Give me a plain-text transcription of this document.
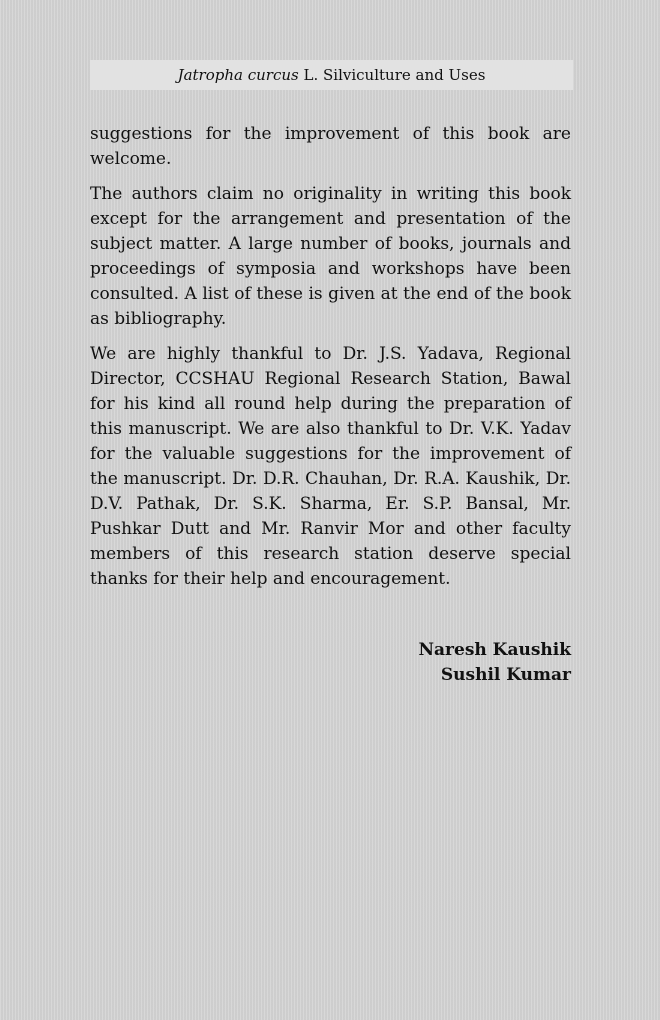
Jatropha curcus L. Silviculture and Uses

suggestions for the improvement of this book are welcome.

The authors claim no originality in writing this book except for the arrangement and presentation of the subject matter. A large number of books, journals and proceedings of symposia and workshops have been consulted. A list of these is given at the end of the book as bibliography.

We are highly thankful to Dr. J.S. Yadava, Regional Director, CCSHAU Regional Research Station, Bawal for his kind all round help during the preparation of this manuscript. We are also thankful to Dr. V.K. Yadav for the valuable suggestions for the improvement of the manuscript. Dr. D.R. Chauhan, Dr. R.A. Kaushik, Dr. D.V. Pathak, Dr. S.K. Sharma, Er. S.P. Bansal, Mr. Pushkar Dutt and Mr. Ranvir Mor and other faculty members of this research station deserve special thanks for their help and encouragement.

Naresh Kaushik
Sushil Kumar
